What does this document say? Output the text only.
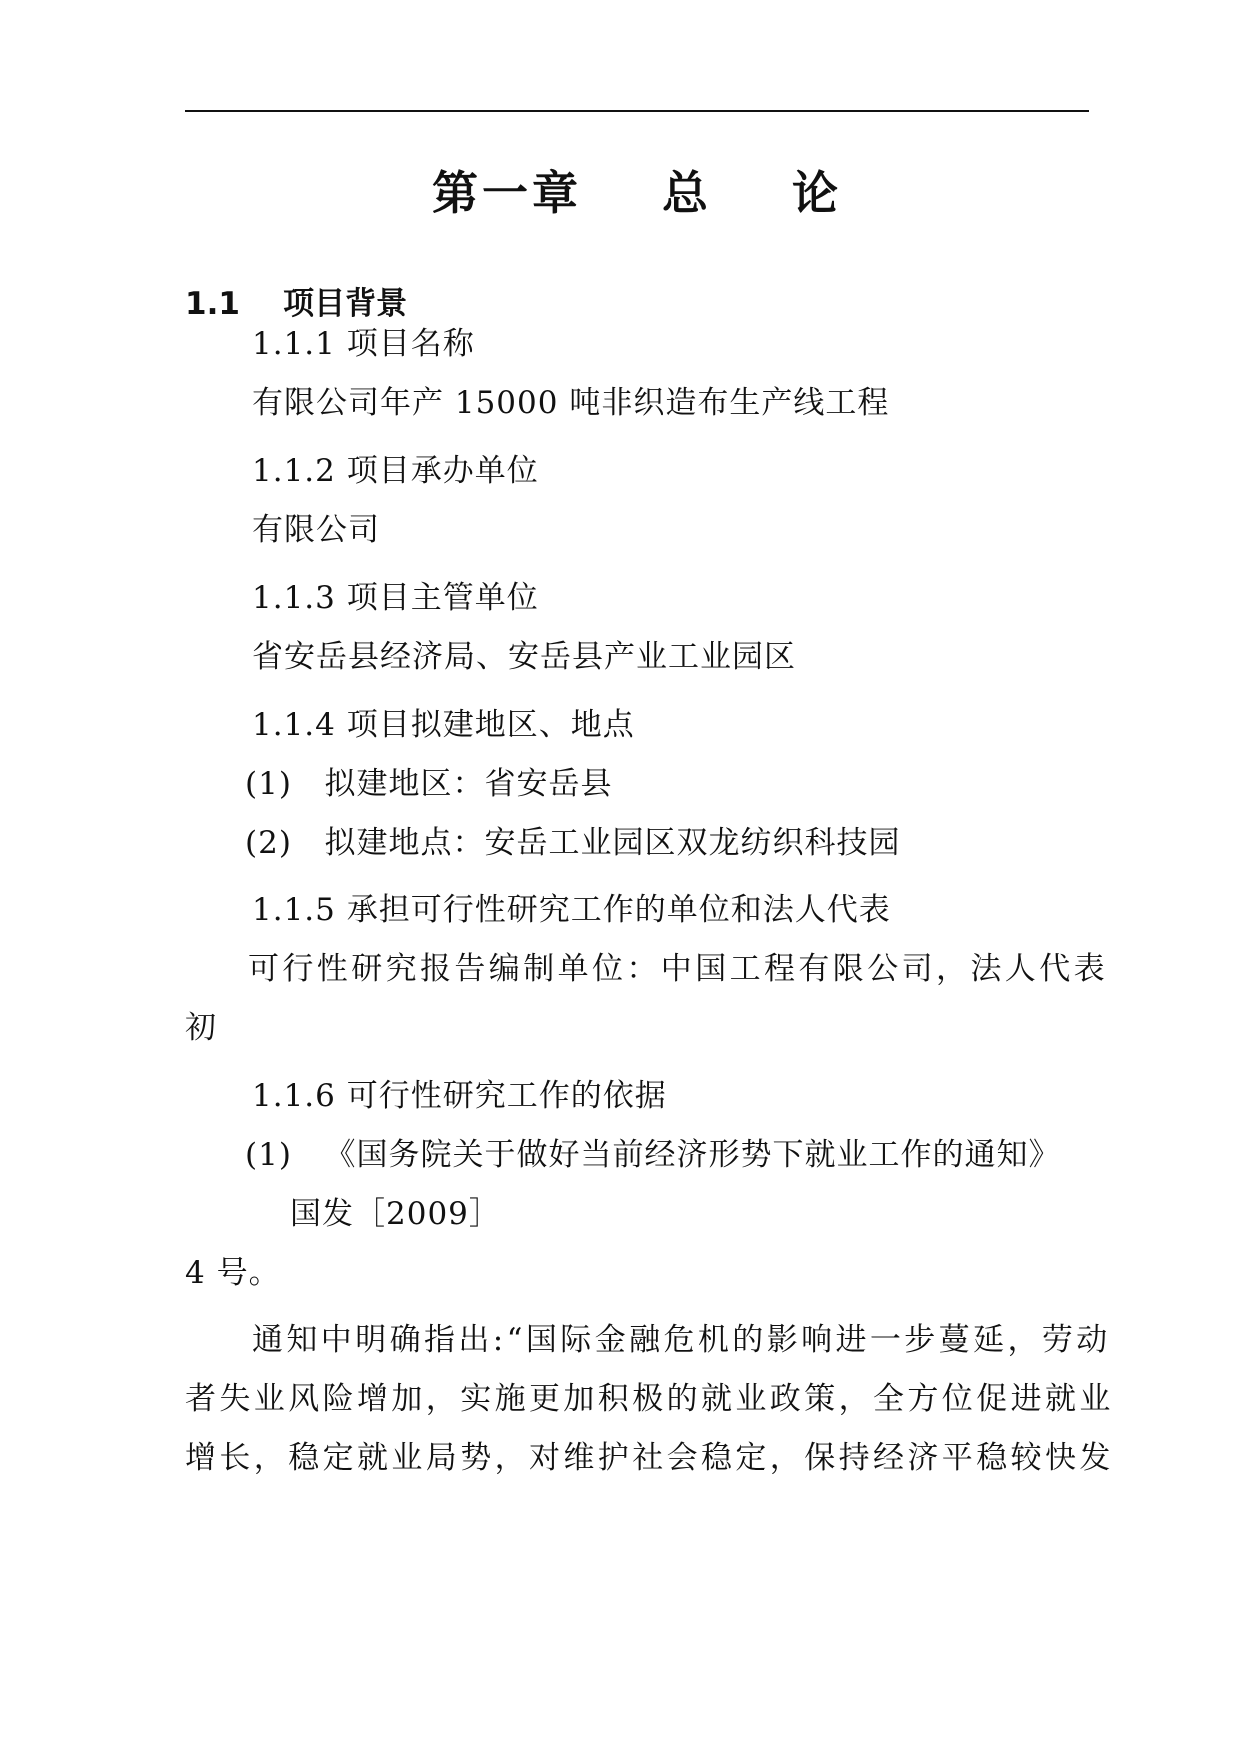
第一章    总    论
1.1    项目背景
1.1.1 项目名称
有限公司年产 15000 吨非织造布生产线工程
1.1.2 项目承办单位
有限公司
1.1.3 项目主管单位
省安岳县经济局、安岳县产业工业园区
1.1.4 项目拟建地区、地点
(1)   拟建地区：省安岳县
(2)   拟建地点：安岳工业园区双龙纺织科技园
1.1.5 承担可行性研究工作的单位和法人代表
可行性研究报告编制单位：中国工程有限公司，法人代表
初
1.1.6 可行性研究工作的依据
(1)   《国务院关于做好当前经济形势下就业工作的通知》
国发［2009］
4 号。
通知中明确指出:“国际金融危机的影响进一步蔓延，劳动
者失业风险增加，实施更加积极的就业政策，全方位促进就业
增长，稳定就业局势，对维护社会稳定，保持经济平稳较快发
